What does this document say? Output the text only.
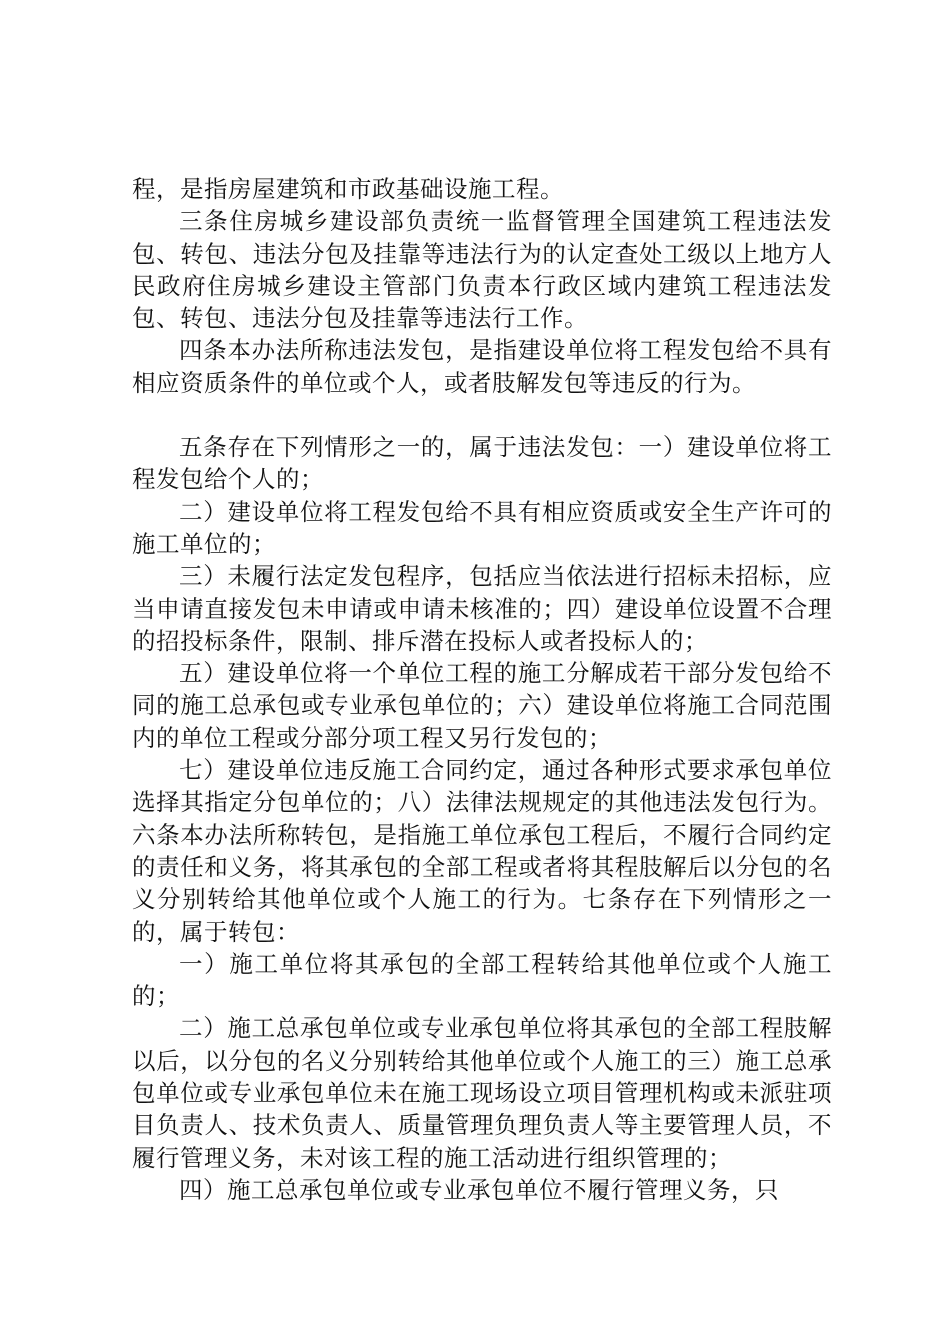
程，是指房屋建筑和市政基础设施工程。

三条住房城乡建设部负责统一监督管理全国建筑工程违法发包、转包、违法分包及挂靠等违法行为的认定查处工级以上地方人民政府住房城乡建设主管部门负责本行政区域内建筑工程违法发包、转包、违法分包及挂靠等违法行工作。

四条本办法所称违法发包，是指建设单位将工程发包给不具有相应资质条件的单位或个人，或者肢解发包等违反的行为。

五条存在下列情形之一的，属于违法发包：一）建设单位将工程发包给个人的；

二）建设单位将工程发包给不具有相应资质或安全生产许可的施工单位的；

三）未履行法定发包程序，包括应当依法进行招标未招标，应当申请直接发包未申请或申请未核准的；四）建设单位设置不合理的招投标条件，限制、排斥潜在投标人或者投标人的；

五）建设单位将一个单位工程的施工分解成若干部分发包给不同的施工总承包或专业承包单位的；六）建设单位将施工合同范围内的单位工程或分部分项工程又另行发包的；

七）建设单位违反施工合同约定，通过各种形式要求承包单位选择其指定分包单位的；八）法律法规规定的其他违法发包行为。六条本办法所称转包，是指施工单位承包工程后，不履行合同约定的责任和义务，将其承包的全部工程或者将其程肢解后以分包的名义分别转给其他单位或个人施工的行为。七条存在下列情形之一的，属于转包：

一）施工单位将其承包的全部工程转给其他单位或个人施工的；

二）施工总承包单位或专业承包单位将其承包的全部工程肢解以后，以分包的名义分别转给其他单位或个人施工的三）施工总承包单位或专业承包单位未在施工现场设立项目管理机构或未派驻项目负责人、技术负责人、质量管理负理负责人等主要管理人员，不履行管理义务，未对该工程的施工活动进行组织管理的；

四）施工总承包单位或专业承包单位不履行管理义务，只
